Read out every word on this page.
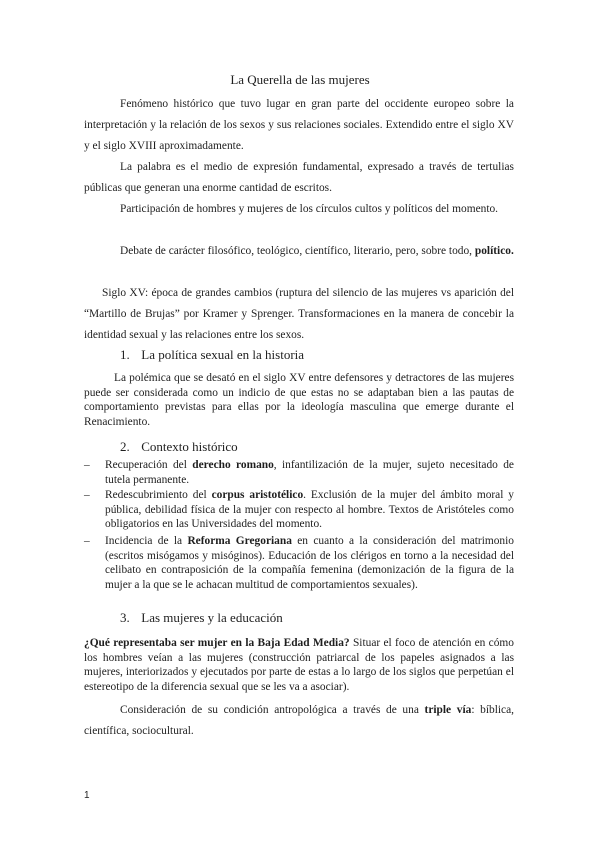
La Querella de las mujeres
Fenómeno histórico que tuvo lugar en gran parte del occidente europeo sobre la interpretación y la relación de los sexos y sus relaciones sociales. Extendido entre el siglo XV y el siglo XVIII aproximadamente.
La palabra es el medio de expresión fundamental, expresado a través de tertulias públicas que generan una enorme cantidad de escritos.
Participación de hombres y mujeres de los círculos cultos y políticos del momento.
Debate de carácter filosófico, teológico, científico, literario, pero, sobre todo, político.
Siglo XV: época de grandes cambios (ruptura del silencio de las mujeres vs aparición del “Martillo de Brujas” por Kramer y Sprenger. Transformaciones en la manera de concebir la identidad sexual y las relaciones entre los sexos.
1. La política sexual en la historia
La polémica que se desató en el siglo XV entre defensores y detractores de las mujeres puede ser considerada como un indicio de que estas no se adaptaban bien a las pautas de comportamiento previstas para ellas por la ideología masculina que emerge durante el Renacimiento.
2. Contexto histórico
– Recuperación del derecho romano, infantilización de la mujer, sujeto necesitado de tutela permanente.
– Redescubrimiento del corpus aristotélico. Exclusión de la mujer del ámbito moral y pública, debilidad física de la mujer con respecto al hombre. Textos de Aristóteles como obligatorios en las Universidades del momento.
– Incidencia de la Reforma Gregoriana en cuanto a la consideración del matrimonio (escritos misógamos y misóginos). Educación de los clérigos en torno a la necesidad del celibato en contraposición de la compañía femenina (demonización de la figura de la mujer a la que se le achacan multitud de comportamientos sexuales).
3. Las mujeres y la educación
¿Qué representaba ser mujer en la Baja Edad Media? Situar el foco de atención en cómo los hombres veían a las mujeres (construcción patriarcal de los papeles asignados a las mujeres, interiorizados y ejecutados por parte de estas a lo largo de los siglos que perpetúan el estereotipo de la diferencia sexual que se les va a asociar).
Consideración de su condición antropológica a través de una triple vía: bíblica, científica, sociocultural.
1
